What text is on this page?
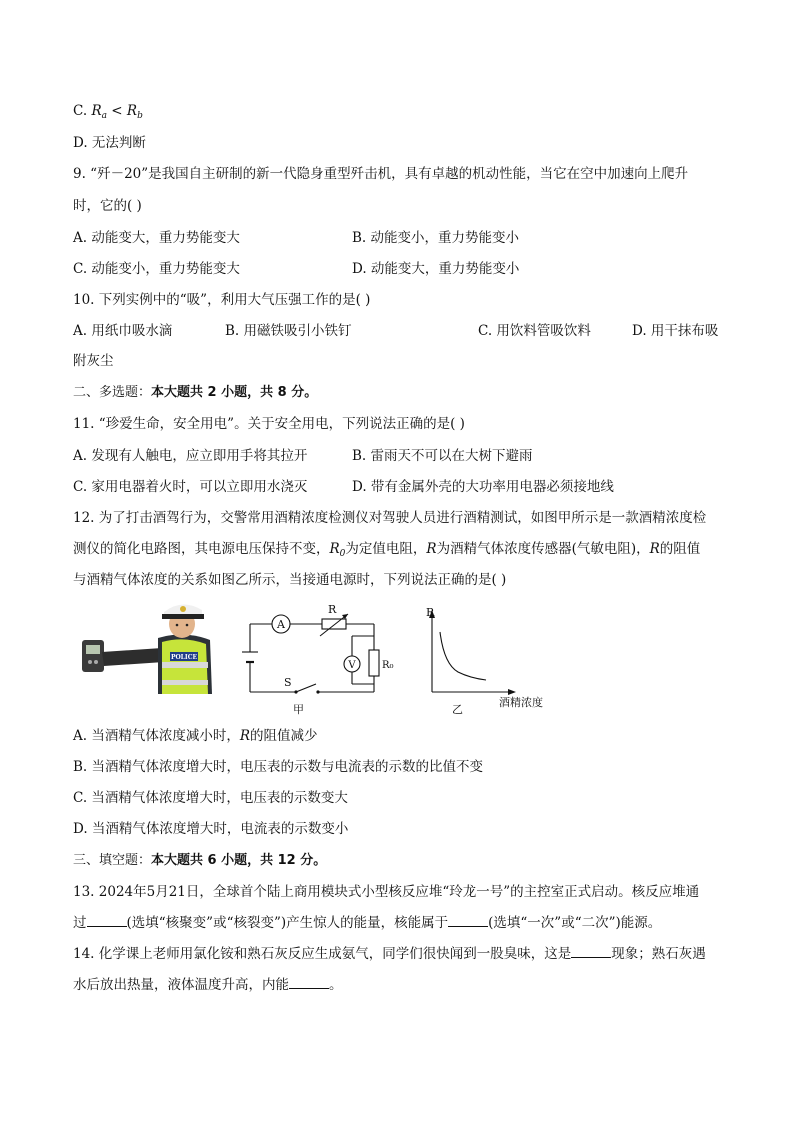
C. $R_a < R_b$
D. 无法判断
9. “歼－20”是我国自主研制的新一代隐身重型歼击机，具有卓越的机动性能，当它在空中加速向上爬升
时，它的( )
A. 动能变大，重力势能变大	B. 动能变小，重力势能变小
C. 动能变小，重力势能变大	D. 动能变大，重力势能变小
10. 下列实例中的“吸”，利用大气压强工作的是( )
A. 用纸巾吸水滴	B. 用磁铁吸引小铁钉	C. 用饮料管吸饮料	D. 用干抹布吸
附灰尘
二、多选题：本大题共 2 小题，共 8 分。
11. “珍爱生命，安全用电”。关于安全用电，下列说法正确的是( )
A. 发现有人触电，应立即用手将其拉开	B. 雷雨天不可以在大树下避雨
C. 家用电器着火时，可以立即用水浇灭	D. 带有金属外壳的大功率用电器必须接地线
12. 为了打击酒驾行为，交警常用酒精浓度检测仪对驾驶人员进行酒精测试，如图甲所示是一款酒精浓度检
测仪的简化电路图，其电源电压保持不变，$R_0$为定值电阻，R为酒精气体浓度传感器(气敏电阻)，R的阻值
与酒精气体浓度的关系如图乙所示，当接通电源时，下列说法正确的是( )
POLICE
A
R
R₀
V
S
甲
R
酒精浓度
乙
A. 当酒精气体浓度减小时，R的阻值减少
B. 当酒精气体浓度增大时，电压表的示数与电流表的示数的比值不变
C. 当酒精气体浓度增大时，电压表的示数变大
D. 当酒精气体浓度增大时，电流表的示数变小
三、填空题：本大题共 6 小题，共 12 分。
13. 2024年5月21日，全球首个陆上商用模块式小型核反应堆“玲龙一号”的主控室正式启动。核反应堆通
过	(选填“核聚变”或“核裂变”)产生惊人的能量，核能属于	(选填“一次”或“二次”)能源。
14. 化学课上老师用氯化铵和熟石灰反应生成氨气，同学们很快闻到一股臭味，这是	现象；熟石灰遇
水后放出热量，液体温度升高，内能	。
